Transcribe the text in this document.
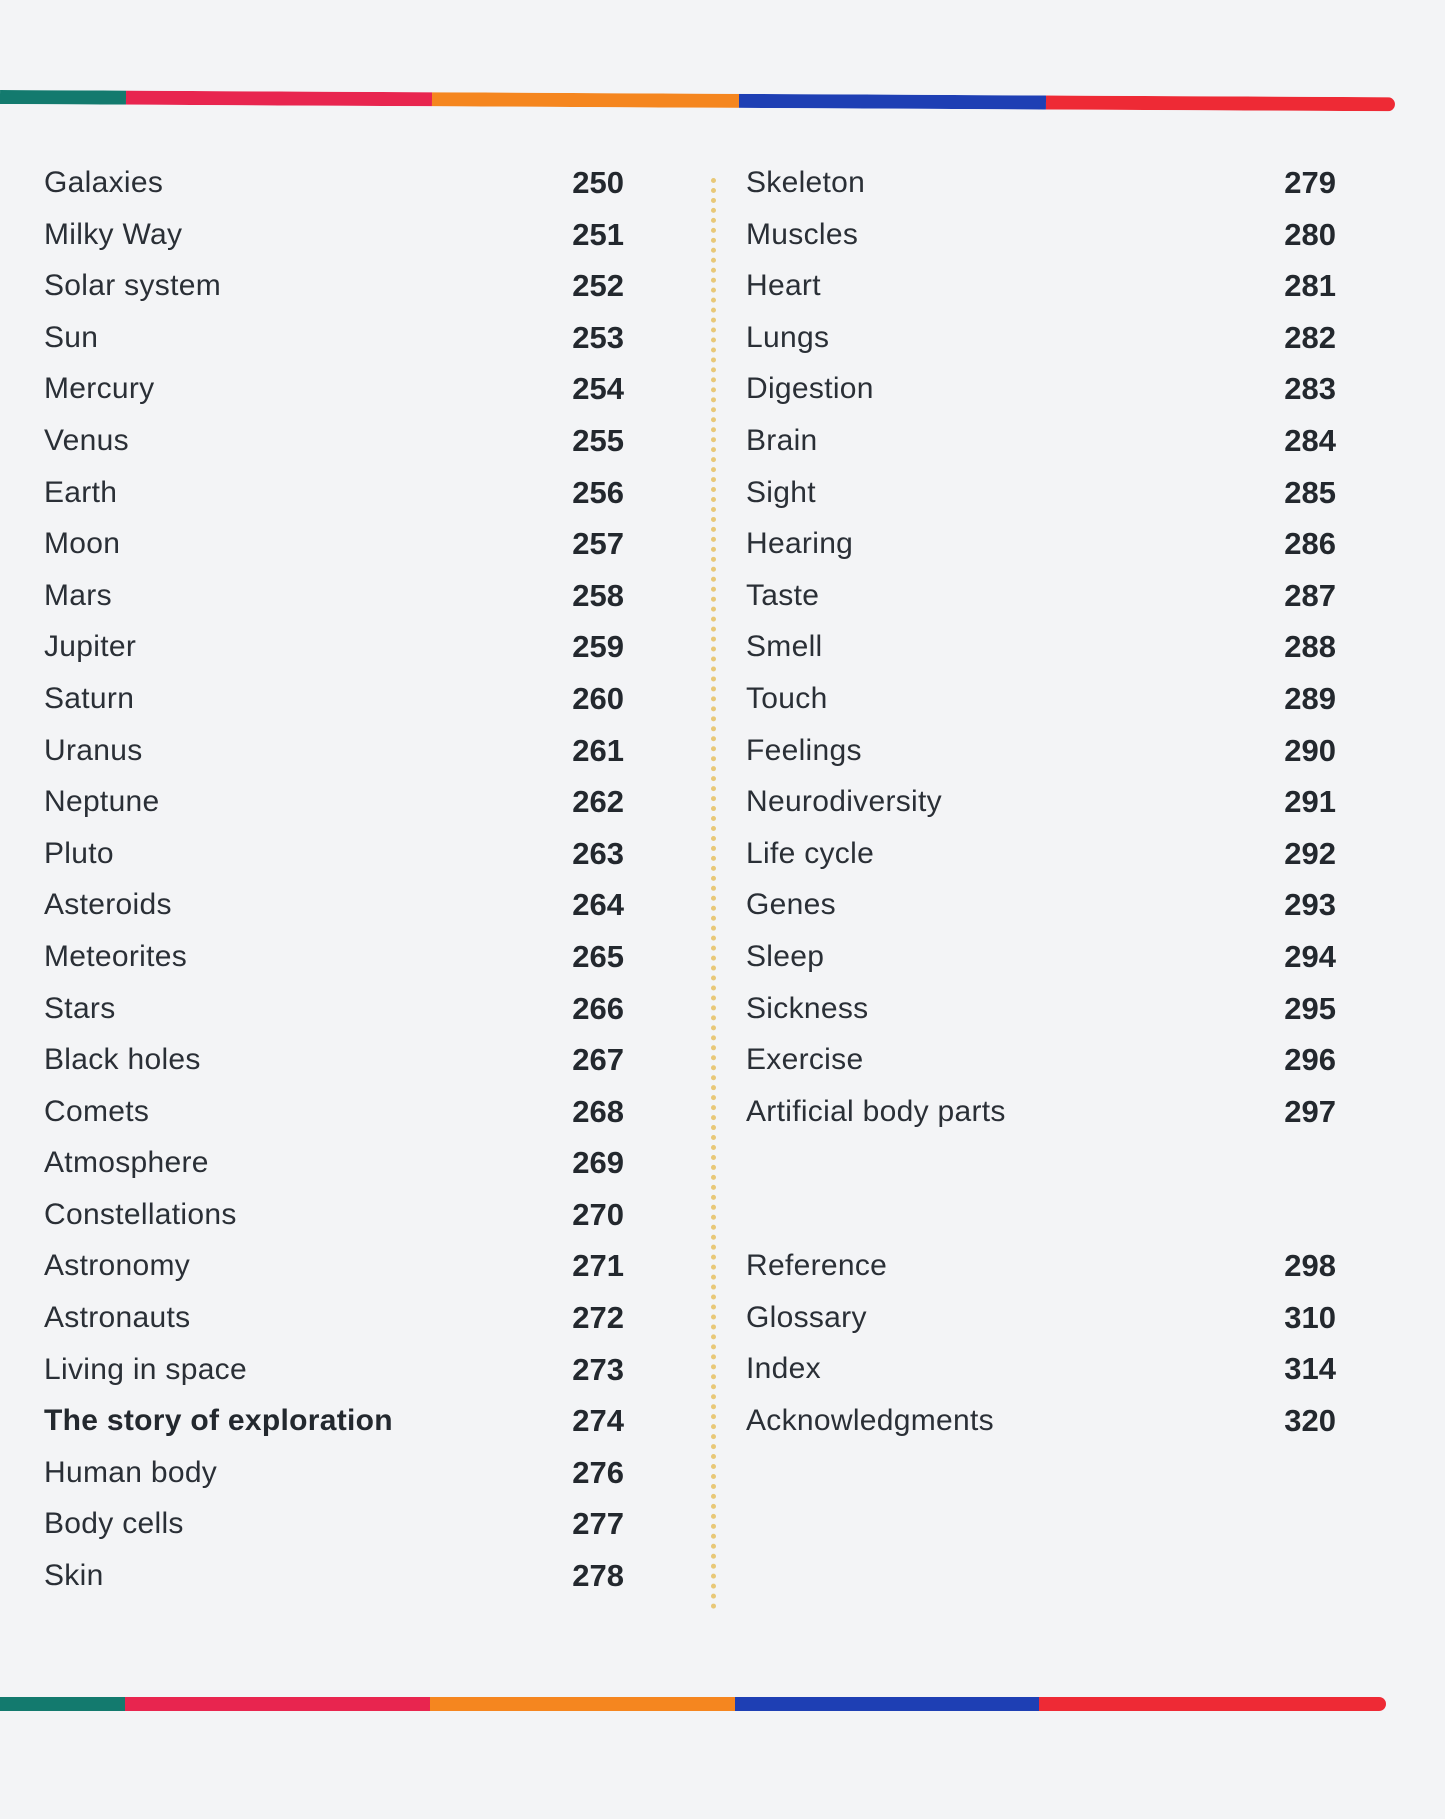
Galaxies	250
Milky Way	251
Solar system	252
Sun	253
Mercury	254
Venus	255
Earth	256
Moon	257
Mars	258
Jupiter	259
Saturn	260
Uranus	261
Neptune	262
Pluto	263
Asteroids	264
Meteorites	265
Stars	266
Black holes	267
Comets	268
Atmosphere	269
Constellations	270
Astronomy	271
Astronauts	272
Living in space	273
The story of exploration	274
Human body	276
Body cells	277
Skin	278
Skeleton	279
Muscles	280
Heart	281
Lungs	282
Digestion	283
Brain	284
Sight	285
Hearing	286
Taste	287
Smell	288
Touch	289
Feelings	290
Neurodiversity	291
Life cycle	292
Genes	293
Sleep	294
Sickness	295
Exercise	296
Artificial body parts	297
Reference	298
Glossary	310
Index	314
Acknowledgments	320
